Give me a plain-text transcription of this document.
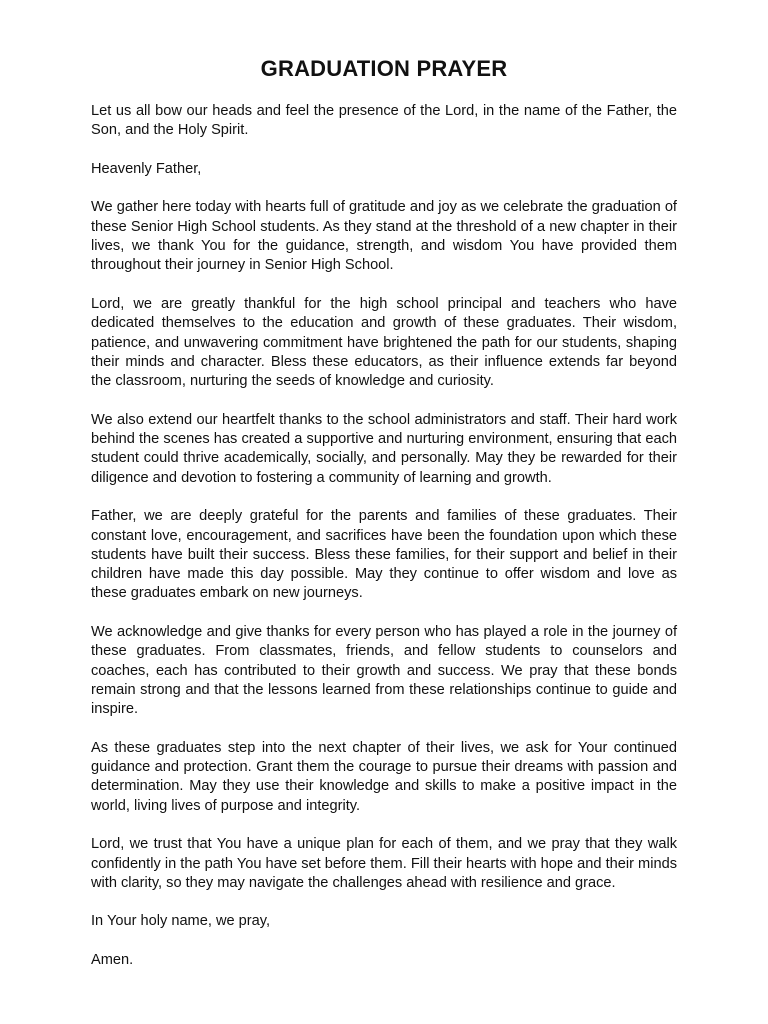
GRADUATION PRAYER

Let us all bow our heads and feel the presence of the Lord, in the name of the Father, the Son, and the Holy Spirit.

Heavenly Father,

We gather here today with hearts full of gratitude and joy as we celebrate the graduation of these Senior High School students. As they stand at the threshold of a new chapter in their lives, we thank You for the guidance, strength, and wisdom You have provided them throughout their journey in Senior High School.

Lord, we are greatly thankful for the high school principal and teachers who have dedicated themselves to the education and growth of these graduates. Their wisdom, patience, and unwavering commitment have brightened the path for our students, shaping their minds and character. Bless these educators, as their influence extends far beyond the classroom, nurturing the seeds of knowledge and curiosity.

We also extend our heartfelt thanks to the school administrators and staff. Their hard work behind the scenes has created a supportive and nurturing environment, ensuring that each student could thrive academically, socially, and personally. May they be rewarded for their diligence and devotion to fostering a community of learning and growth.

Father, we are deeply grateful for the parents and families of these graduates. Their constant love, encouragement, and sacrifices have been the foundation upon which these students have built their success. Bless these families, for their support and belief in their children have made this day possible. May they continue to offer wisdom and love as these graduates embark on new journeys.

We acknowledge and give thanks for every person who has played a role in the journey of these graduates. From classmates, friends, and fellow students to counselors and coaches, each has contributed to their growth and success. We pray that these bonds remain strong and that the lessons learned from these relationships continue to guide and inspire.

As these graduates step into the next chapter of their lives, we ask for Your continued guidance and protection. Grant them the courage to pursue their dreams with passion and determination. May they use their knowledge and skills to make a positive impact in the world, living lives of purpose and integrity.

Lord, we trust that You have a unique plan for each of them, and we pray that they walk confidently in the path You have set before them. Fill their hearts with hope and their minds with clarity, so they may navigate the challenges ahead with resilience and grace.

In Your holy name, we pray,

Amen.
